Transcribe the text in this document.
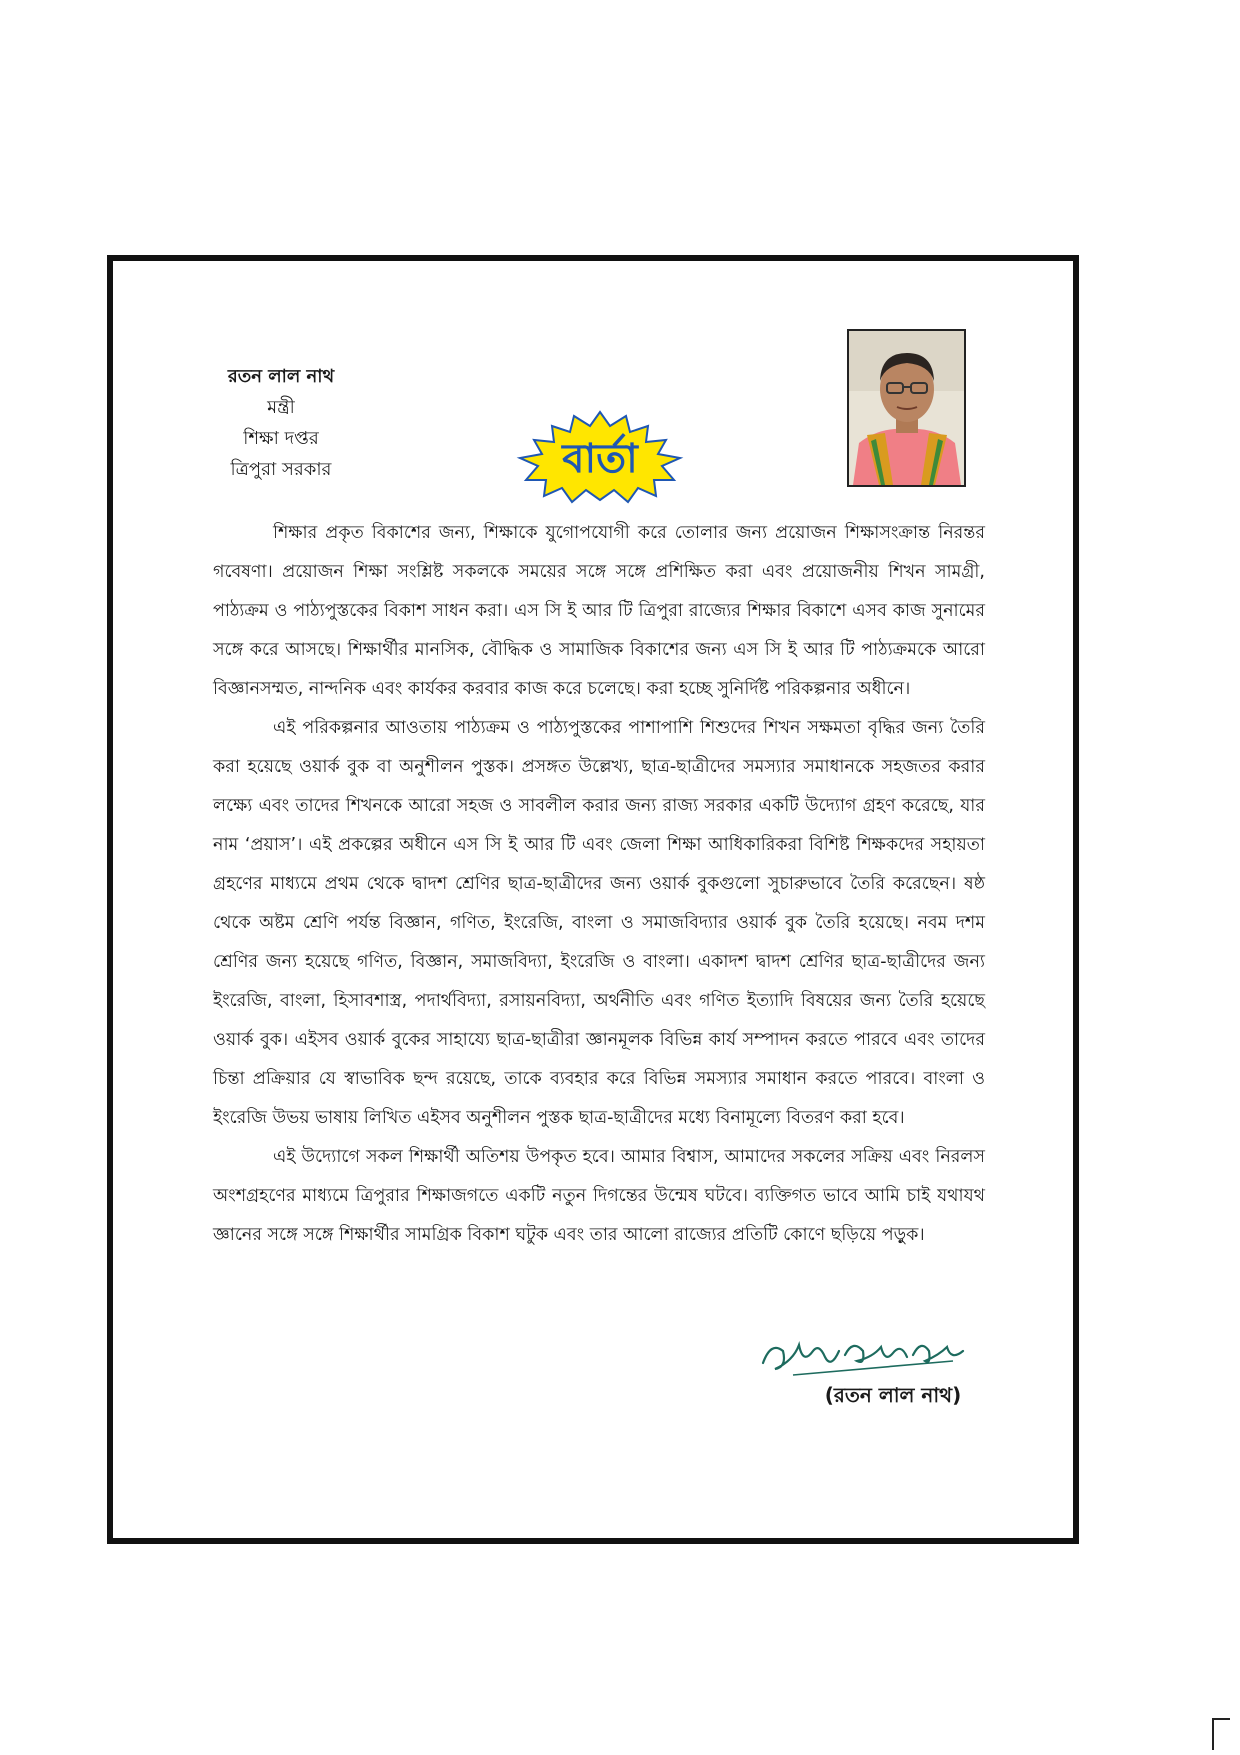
রতন লাল নাথ
মন্ত্রী
শিক্ষা দপ্তর
ত্রিপুরা সরকার	বার্তা

শিক্ষার প্রকৃত বিকাশের জন্য, শিক্ষাকে যুগোপযোগী করে তোলার জন্য প্রয়োজন শিক্ষাসংক্রান্ত নিরন্তর গবেষণা। প্রয়োজন শিক্ষা সংশ্লিষ্ট সকলকে সময়ের সঙ্গে সঙ্গে প্রশিক্ষিত করা এবং প্রয়োজনীয় শিখন সামগ্রী, পাঠ্যক্রম ও পাঠ্যপুস্তকের বিকাশ সাধন করা। এস সি ই আর টি ত্রিপুরা রাজ্যের শিক্ষার বিকাশে এসব কাজ সুনামের সঙ্গে করে আসছে। শিক্ষার্থীর মানসিক, বৌদ্ধিক ও সামাজিক বিকাশের জন্য এস সি ই আর টি পাঠ্যক্রমকে আরো বিজ্ঞানসম্মত, নান্দনিক এবং কার্যকর করবার কাজ করে চলেছে। করা হচ্ছে সুনির্দিষ্ট পরিকল্পনার অধীনে।

এই পরিকল্পনার আওতায় পাঠ্যক্রম ও পাঠ্যপুস্তকের পাশাপাশি শিশুদের শিখন সক্ষমতা বৃদ্ধির জন্য তৈরি করা হয়েছে ওয়ার্ক বুক বা অনুশীলন পুস্তক। প্রসঙ্গত উল্লেখ্য, ছাত্র-ছাত্রীদের সমস্যার সমাধানকে সহজতর করার লক্ষ্যে এবং তাদের শিখনকে আরো সহজ ও সাবলীল করার জন্য রাজ্য সরকার একটি উদ্যোগ গ্রহণ করেছে, যার নাম ‘প্রয়াস’। এই প্রকল্পের অধীনে এস সি ই আর টি এবং জেলা শিক্ষা আধিকারিকরা বিশিষ্ট শিক্ষকদের সহায়তা গ্রহণের মাধ্যমে প্রথম থেকে দ্বাদশ শ্রেণির ছাত্র-ছাত্রীদের জন্য ওয়ার্ক বুকগুলো সুচারুভাবে তৈরি করেছেন। ষষ্ঠ থেকে অষ্টম শ্রেণি পর্যন্ত বিজ্ঞান, গণিত, ইংরেজি, বাংলা ও সমাজবিদ্যার ওয়ার্ক বুক তৈরি হয়েছে। নবম দশম শ্রেণির জন্য হয়েছে গণিত, বিজ্ঞান, সমাজবিদ্যা, ইংরেজি ও বাংলা। একাদশ দ্বাদশ শ্রেণির ছাত্র-ছাত্রীদের জন্য ইংরেজি, বাংলা, হিসাবশাস্ত্র, পদার্থবিদ্যা, রসায়নবিদ্যা, অর্থনীতি এবং গণিত ইত্যাদি বিষয়ের জন্য তৈরি হয়েছে ওয়ার্ক বুক। এইসব ওয়ার্ক বুকের সাহায্যে ছাত্র-ছাত্রীরা জ্ঞানমূলক বিভিন্ন কার্য সম্পাদন করতে পারবে এবং তাদের চিন্তা প্রক্রিয়ার যে স্বাভাবিক ছন্দ রয়েছে, তাকে ব্যবহার করে বিভিন্ন সমস্যার সমাধান করতে পারবে। বাংলা ও ইংরেজি উভয় ভাষায় লিখিত এইসব অনুশীলন পুস্তক ছাত্র-ছাত্রীদের মধ্যে বিনামূল্যে বিতরণ করা হবে।

এই উদ্যোগে সকল শিক্ষার্থী অতিশয় উপকৃত হবে। আমার বিশ্বাস, আমাদের সকলের সক্রিয় এবং নিরলস অংশগ্রহণের মাধ্যমে ত্রিপুরার শিক্ষাজগতে একটি নতুন দিগন্তের উন্মেষ ঘটবে। ব্যক্তিগত ভাবে আমি চাই যথাযথ জ্ঞানের সঙ্গে সঙ্গে শিক্ষার্থীর সামগ্রিক বিকাশ ঘটুক এবং তার আলো রাজ্যের প্রতিটি কোণে ছড়িয়ে পড়ুক।

(রতন লাল নাথ)
